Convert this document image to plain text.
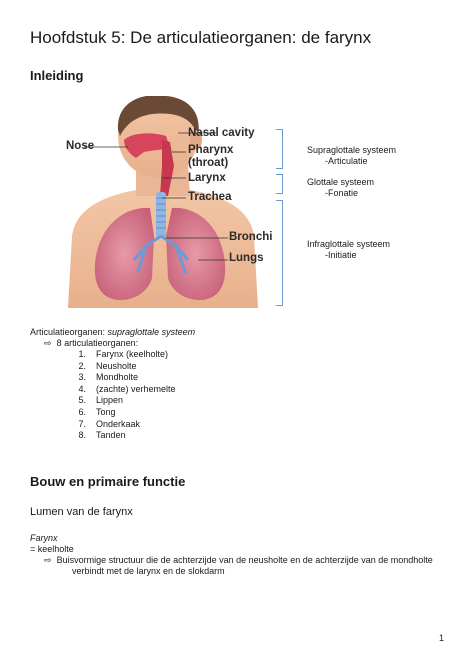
Hoofdstuk 5: De articulatieorganen: de farynx
Inleiding
Nose
Nasal cavity
Pharynx
(throat)
Larynx
Trachea
Bronchi
Lungs
Supraglottale systeem
-Articulatie
Glottale systeem
-Fonatie
Infraglottale systeem
-Initiatie
Articulatieorganen: supraglottale systeem
⇨ 8 articulatieorganen:
1. Farynx (keelholte)
2. Neusholte
3. Mondholte
4. (zachte) verhemelte
5. Lippen
6. Tong
7. Onderkaak
8. Tanden
Bouw en primaire functie
Lumen van de farynx
Farynx
= keelholte
⇨ Buisvormige structuur die de achterzijde van de neusholte en de achterzijde van de mondholte
verbindt met de larynx en de slokdarm
1
